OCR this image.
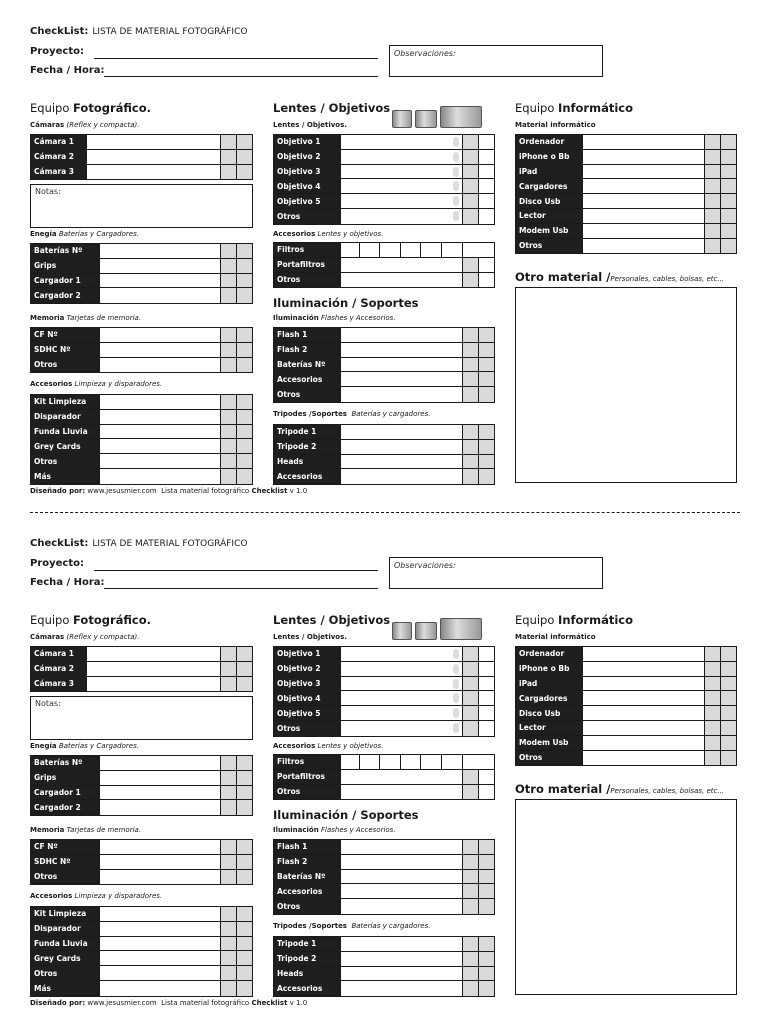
CheckList: LISTA DE MATERIAL FOTOGRÁFICO
Proyecto:
Fecha / Hora:
Observaciones:
Equipo Fotográfico.
Cámaras (Reflex y compacta).
Cámara 1
Cámara 2
Cámara 3
Notas:
Enegía Baterías y Cargadores.
Baterías Nº
Grips
Cargador 1
Cargador 2
Memoria Tarjetas de memoria.
CF Nº
SDHC Nº
Otros
Accesorios Limpieza y disparadores.
Kit Limpieza
Disparador
Funda Lluvia
Grey Cards
Otros
Más
Diseñado por: www.jesusmier.com Lista material fotográfico Checklist v 1.0
Lentes / Objetivos
Lentes / Objetivos.
Objetivo 1
Objetivo 2
Objetivo 3
Objetivo 4
Objetivo 5
Otros
Accesorios Lentes y objetivos.
Filtros
Portafiltros
Otros
Iluminación / Soportes
Iluminación Flashes y Accesorios.
Flash 1
Flash 2
Baterías Nº
Accesorios
Otros
Tripodes /Soportes Baterías y cargadores.
Tripode 1
Tripode 2
Heads
Accesorios
Equipo Informático
Material informático
Ordenador
iPhone o Bb
iPad
Cargadores
Disco Usb
Lector
Modem Usb
Otros
Otro material /Personales, cables, bolsas, etc...
CheckList: LISTA DE MATERIAL FOTOGRÁFICO
Proyecto:
Fecha / Hora:
Observaciones:
Equipo Fotográfico.
Cámaras (Reflex y compacta).
Cámara 1
Cámara 2
Cámara 3
Notas:
Enegía Baterías y Cargadores.
Baterías Nº
Grips
Cargador 1
Cargador 2
Memoria Tarjetas de memoria.
CF Nº
SDHC Nº
Otros
Accesorios Limpieza y disparadores.
Kit Limpieza
Disparador
Funda Lluvia
Grey Cards
Otros
Más
Diseñado por: www.jesusmier.com Lista material fotográfico Checklist v 1.0
Lentes / Objetivos
Lentes / Objetivos.
Objetivo 1
Objetivo 2
Objetivo 3
Objetivo 4
Objetivo 5
Otros
Accesorios Lentes y objetivos.
Filtros
Portafiltros
Otros
Iluminación / Soportes
Iluminación Flashes y Accesorios.
Flash 1
Flash 2
Baterías Nº
Accesorios
Otros
Tripodes /Soportes Baterías y cargadores.
Tripode 1
Tripode 2
Heads
Accesorios
Equipo Informático
Material informático
Ordenador
iPhone o Bb
iPad
Cargadores
Disco Usb
Lector
Modem Usb
Otros
Otro material /Personales, cables, bolsas, etc...
